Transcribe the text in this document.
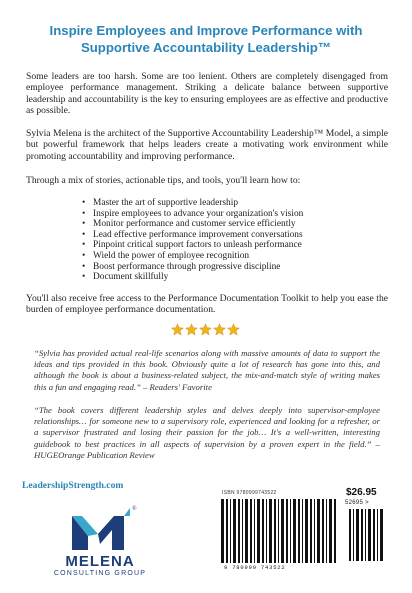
Inspire Employees and Improve Performance with Supportive Accountability Leadership™
Some leaders are too harsh. Some are too lenient. Others are completely disengaged from employee performance management. Striking a delicate balance between supportive leadership and accountability is the key to ensuring employees are as effective and productive as possible.
Sylvia Melena is the architect of the Supportive Accountability Leadership™ Model, a simple but powerful framework that helps leaders create a motivating work environment while promoting accountability and improving performance.
Through a mix of stories, actionable tips, and tools, you'll learn how to:
• Master the art of supportive leadership
• Inspire employees to advance your organization's vision
• Monitor performance and customer service efficiently
• Lead effective performance improvement conversations
• Pinpoint critical support factors to unleash performance
• Wield the power of employee recognition
• Boost performance through progressive discipline
• Document skillfully
You'll also receive free access to the Performance Documentation Toolkit to help you ease the burden of employee performance documentation.
“Sylvia has provided actual real-life scenarios along with massive amounts of data to support the ideas and tips provided in this book. Obviously quite a lot of research has gone into this, and although the book is about a business-related subject, the mix-and-match style of writing makes this a fun and engaging read.” – Readers' Favorite
“The book covers different leadership styles and delves deeply into supervisor-employee relationships… for someone new to a supervisory role, experienced and looking for a refresher, or a supervisor frustrated and losing their passion for the job… It's a well-written, interesting guidebook to best practices in all aspects of supervision by a proven expert in the field.” – HUGEOrange Publication Review
LeadershipStrength.com
®
MELENA
CONSULTING GROUP
ISBN 9780999743522	$26.95
52695 >
9 780999 743522
